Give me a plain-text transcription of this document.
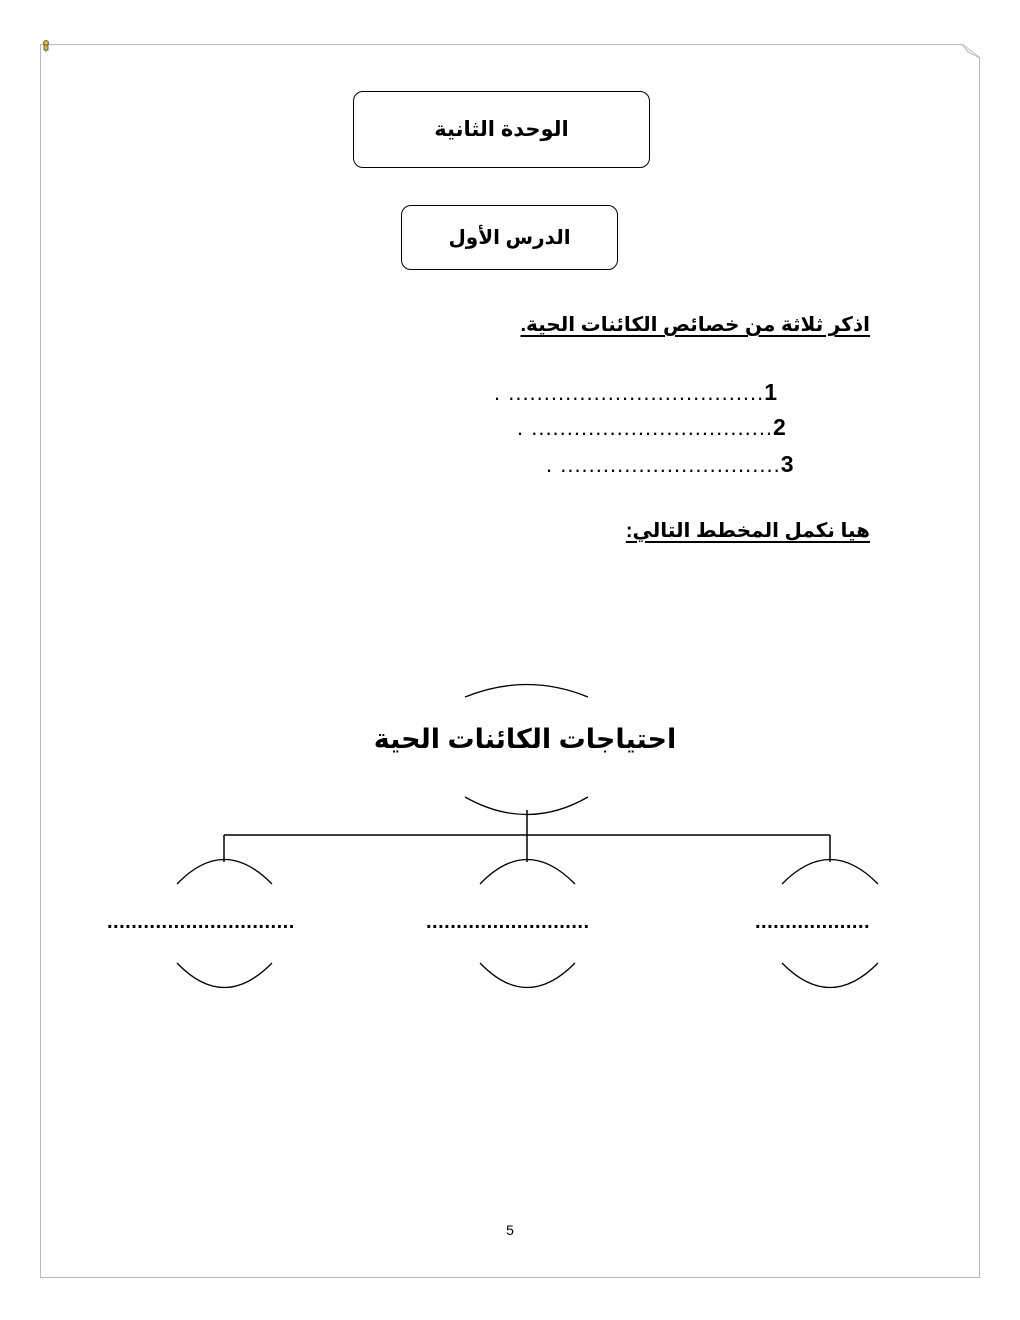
الوحدة الثانية
الدرس الأول
اذكر ثلاثة من خصائص الكائنات الحية.
. ....................................1
. ..................................2
. ...............................3
هيا نكمل المخطط التالي:
احتياجات الكائنات الحية
...............................	...........................	...................
5
